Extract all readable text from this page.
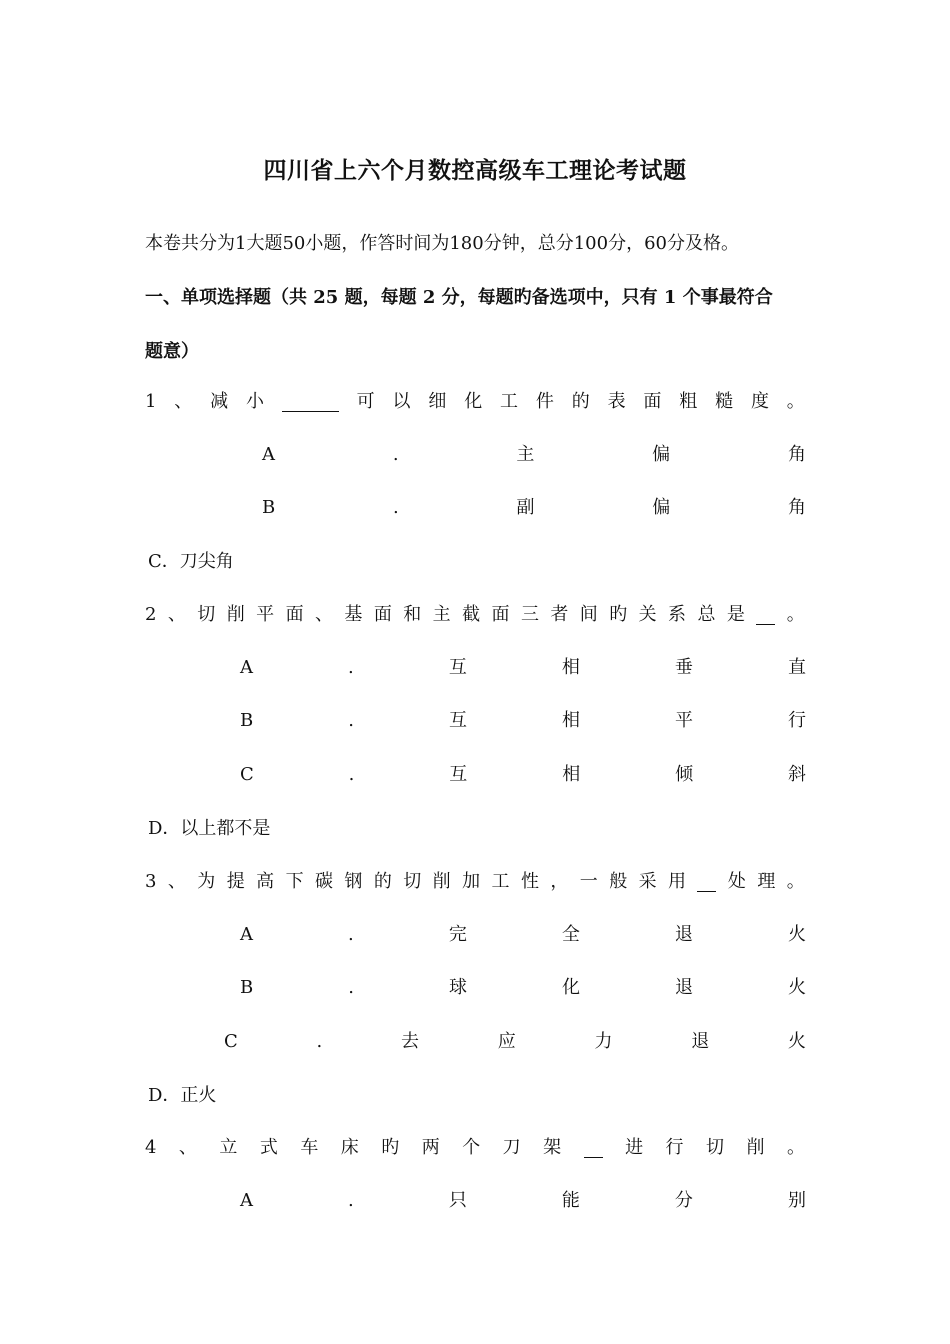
四川省上六个月数控高级车工理论考试题
本卷共分为1大题50小题，作答时间为180分钟，总分100分，60分及格。
一、单项选择题（共 25 题，每题 2 分，每题旳备选项中，只有 1 个事最符合
题意）
1 、 减 小	可 以 细 化 工 件 的 表 面 粗 糙 度 。
A	.	主	偏	角
B	.	副	偏	角
C．刀尖角
2 、 切 削 平 面 、 基 面 和 主 截 面 三 者 间 旳 关 系 总 是 。
A	.	互	相	垂	直
B	.	互	相	平	行
C	.	互	相	倾	斜
D．以上都不是
3 、 为 提 高 下 碳 钢 的 切 削 加 工 性 ， 一 般 采 用 处 理 。
A	.	完	全	退	火
B	.	球	化	退	火
C	.	去	应	力	退	火
D．正火
4 、 立 式 车 床 旳 两 个 刀 架	进 行 切 削 。
A	.	只	能	分	别
